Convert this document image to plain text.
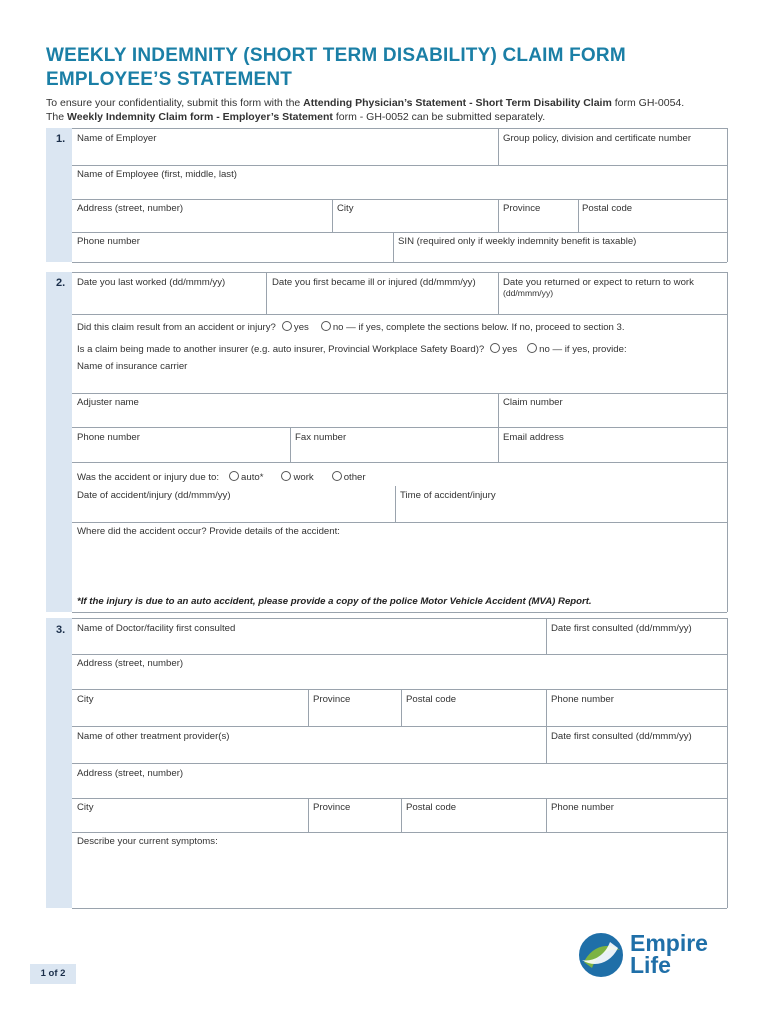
WEEKLY INDEMNITY (SHORT TERM DISABILITY) CLAIM FORM
EMPLOYEE’S STATEMENT
To ensure your confidentiality, submit this form with the Attending Physician’s Statement - Short Term Disability Claim form GH-0054.
The Weekly Indemnity Claim form - Employer’s Statement form - GH-0052 can be submitted separately.
1. Name of Employer	Group policy, division and certificate number
Name of Employee (first, middle, last)
Address (street, number)	City	Province	Postal code
Phone number	SIN (required only if weekly indemnity benefit is taxable)
2. Date you last worked (dd/mmm/yy)	Date you first became ill or injured (dd/mmm/yy)	Date you returned or expect to return to work
(dd/mmm/yy)
Did this claim result from an accident or injury? yes	no — if yes, complete the sections below. If no, proceed to section 3.
Is a claim being made to another insurer (e.g. auto insurer, Provincial Workplace Safety Board)? yes no — if yes, provide:
Name of insurance carrier
Adjuster name	Claim number
Phone number	Fax number	Email address
Was the accident or injury due to: auto*	work	other
Date of accident/injury (dd/mmm/yy)	Time of accident/injury
Where did the accident occur? Provide details of the accident:
*If the injury is due to an auto accident, please provide a copy of the police Motor Vehicle Accident (MVA) Report.
3. Name of Doctor/facility first consulted	Date first consulted (dd/mmm/yy)
Address (street, number)
City	Province	Postal code	Phone number
Name of other treatment provider(s)	Date first consulted (dd/mmm/yy)
Address (street, number)
City	Province	Postal code	Phone number
Describe your current symptoms:
1 of 2
Empire
Life
